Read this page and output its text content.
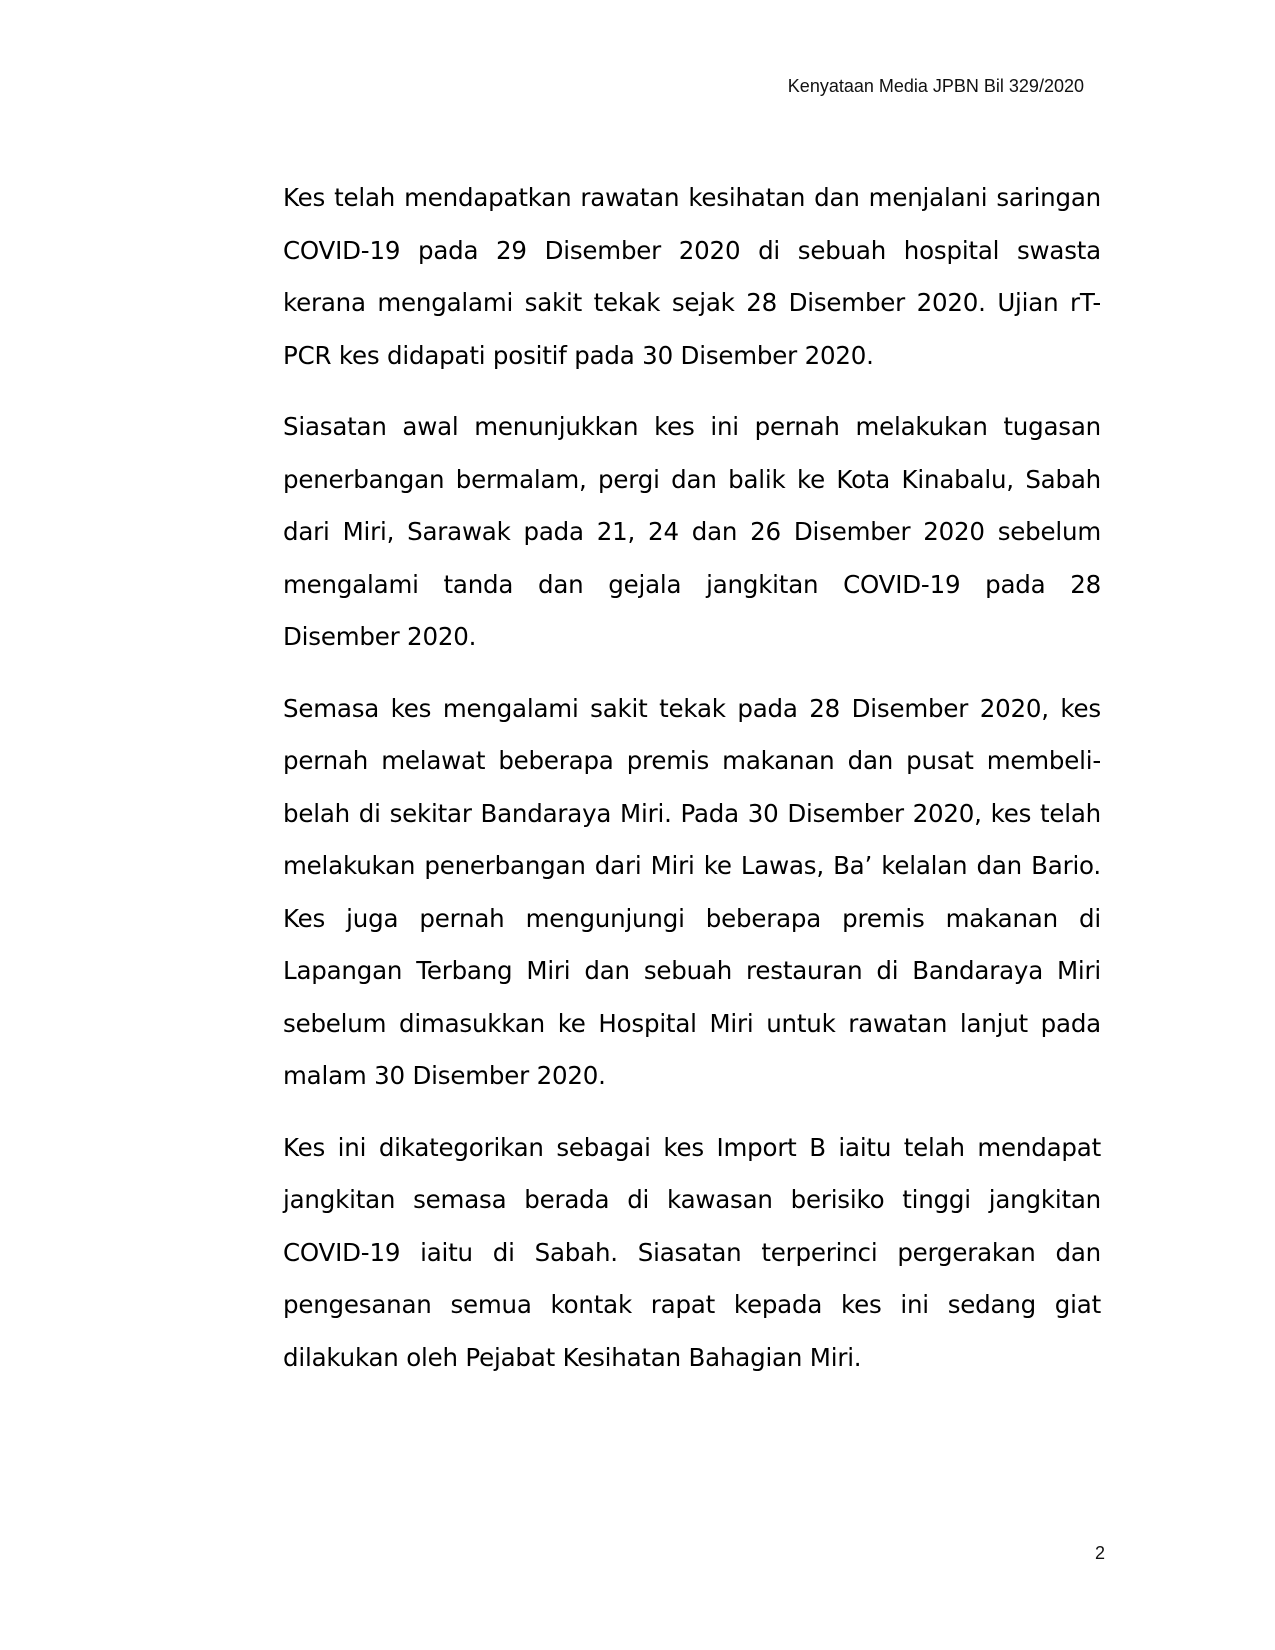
Kenyataan Media JPBN Bil 329/2020

Kes telah mendapatkan rawatan kesihatan dan menjalani saringan COVID-19 pada 29 Disember 2020 di sebuah hospital swasta kerana mengalami sakit tekak sejak 28 Disember 2020. Ujian rT-PCR kes didapati positif pada 30 Disember 2020.

Siasatan awal menunjukkan kes ini pernah melakukan tugasan penerbangan bermalam, pergi dan balik ke Kota Kinabalu, Sabah dari Miri, Sarawak pada 21, 24 dan 26 Disember 2020 sebelum mengalami tanda dan gejala jangkitan COVID-19 pada 28 Disember 2020.

Semasa kes mengalami sakit tekak pada 28 Disember 2020, kes pernah melawat beberapa premis makanan dan pusat membeli-belah di sekitar Bandaraya Miri. Pada 30 Disember 2020, kes telah melakukan penerbangan dari Miri ke Lawas, Ba’ kelalan dan Bario. Kes juga pernah mengunjungi beberapa premis makanan di Lapangan Terbang Miri dan sebuah restauran di Bandaraya Miri sebelum dimasukkan ke Hospital Miri untuk rawatan lanjut pada malam 30 Disember 2020.

Kes ini dikategorikan sebagai kes Import B iaitu telah mendapat jangkitan semasa berada di kawasan berisiko tinggi jangkitan COVID-19 iaitu di Sabah. Siasatan terperinci pergerakan dan pengesanan semua kontak rapat kepada kes ini sedang giat dilakukan oleh Pejabat Kesihatan Bahagian Miri.

2
